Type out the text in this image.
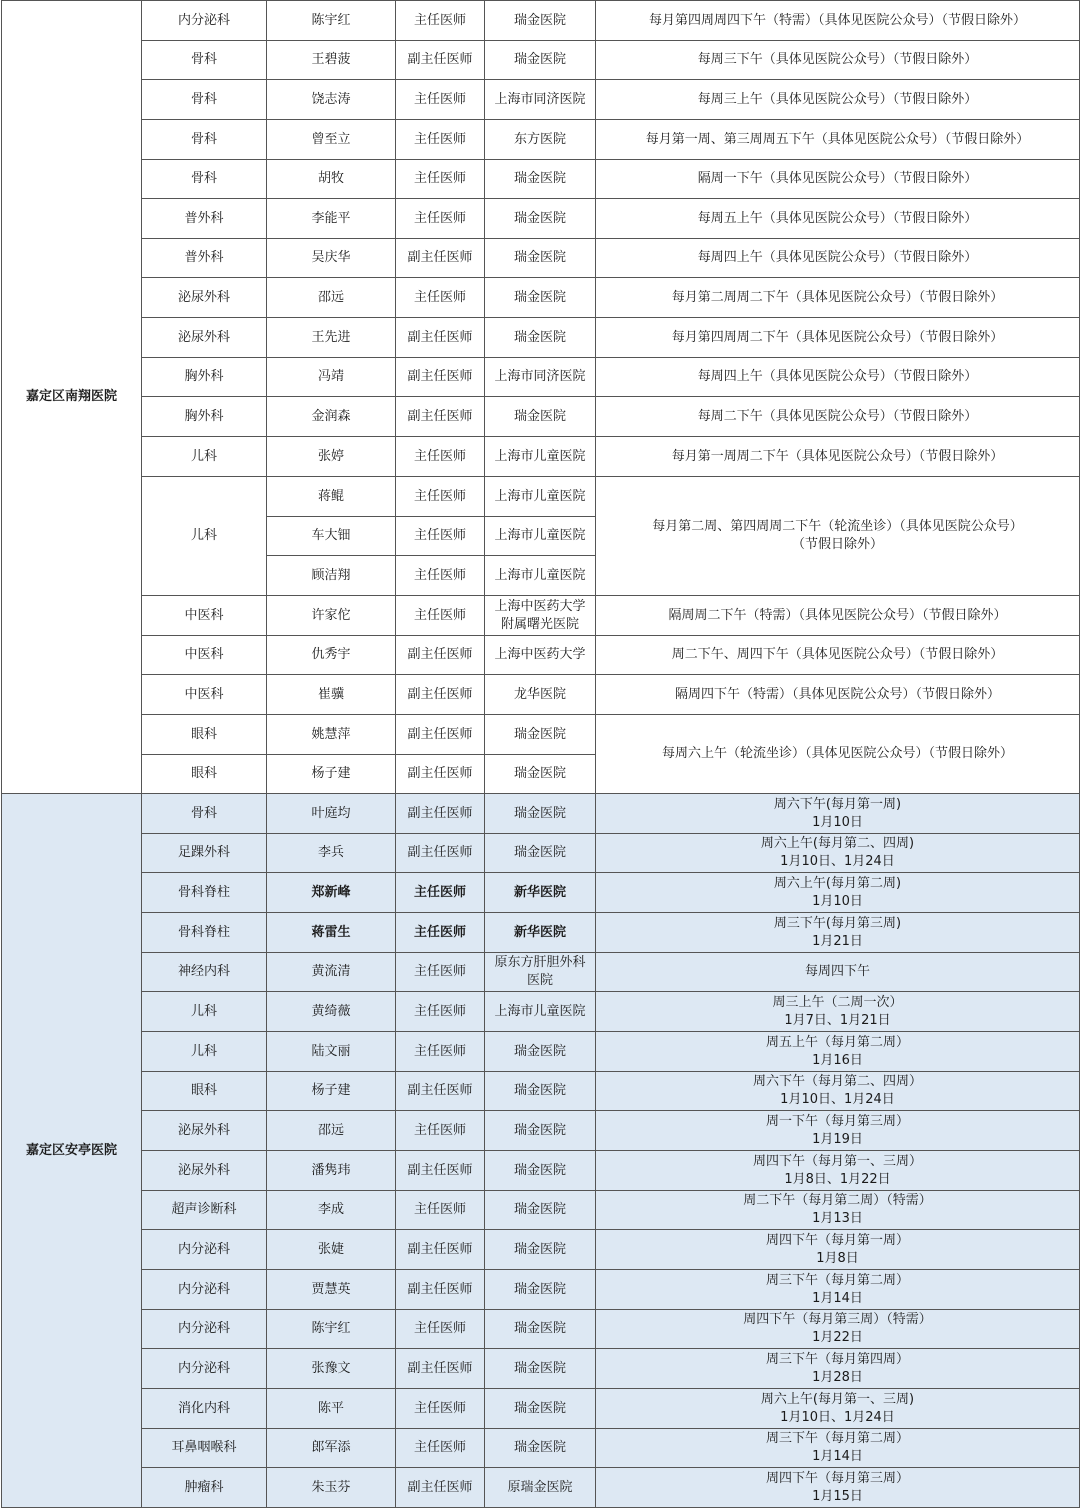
嘉定区南翔医院	内分泌科	陈宇红	主任医师	瑞金医院	每月第四周周四下午（特需）（具体见医院公众号）（节假日除外）
	骨科	王碧菠	副主任医师	瑞金医院	每周三下午（具体见医院公众号）（节假日除外）
	骨科	饶志涛	主任医师	上海市同济医院	每周三上午（具体见医院公众号）（节假日除外）
	骨科	曾至立	主任医师	东方医院	每月第一周、第三周周五下午（具体见医院公众号）（节假日除外）
	骨科	胡牧	主任医师	瑞金医院	隔周一下午（具体见医院公众号）（节假日除外）
	普外科	李能平	主任医师	瑞金医院	每周五上午（具体见医院公众号）（节假日除外）
	普外科	吴庆华	副主任医师	瑞金医院	每周四上午（具体见医院公众号）（节假日除外）
	泌尿外科	邵远	主任医师	瑞金医院	每月第二周周二下午（具体见医院公众号）（节假日除外）
	泌尿外科	王先进	副主任医师	瑞金医院	每月第四周周二下午（具体见医院公众号）（节假日除外）
	胸外科	冯靖	副主任医师	上海市同济医院	每周四上午（具体见医院公众号）（节假日除外）
	胸外科	金润森	副主任医师	瑞金医院	每周二下午（具体见医院公众号）（节假日除外）
	儿科	张婷	主任医师	上海市儿童医院	每月第一周周二下午（具体见医院公众号）（节假日除外）
	儿科	蒋鲲	主任医师	上海市儿童医院	每月第二周、第四周周二下午（轮流坐诊）（具体见医院公众号）
（节假日除外）
		车大钿	主任医师	上海市儿童医院	
		顾洁翔	主任医师	上海市儿童医院	
	中医科	许家佗	主任医师	上海中医药大学
附属曙光医院	隔周周二下午（特需）（具体见医院公众号）（节假日除外）
	中医科	仇秀宇	副主任医师	上海中医药大学	周二下午、周四下午（具体见医院公众号）（节假日除外）
	中医科	崔骥	副主任医师	龙华医院	隔周四下午（特需）（具体见医院公众号）（节假日除外）
	眼科	姚慧萍	副主任医师	瑞金医院	每周六上午（轮流坐诊）（具体见医院公众号）（节假日除外）
	眼科	杨子建	副主任医师	瑞金医院	
嘉定区安亭医院	骨科	叶庭均	副主任医师	瑞金医院	周六下午(每月第一周)
1月10日
	足踝外科	李兵	副主任医师	瑞金医院	周六上午(每月第二、四周)
1月10日、1月24日
	骨科脊柱	郑新峰	主任医师	新华医院	周六上午(每月第二周)
1月10日
	骨科脊柱	蒋雷生	主任医师	新华医院	周三下午(每月第三周)
1月21日
	神经内科	黄流清	主任医师	原东方肝胆外科
医院	每周四下午
	儿科	黄绮薇	主任医师	上海市儿童医院	周三上午（二周一次）
1月7日、1月21日
	儿科	陆文丽	主任医师	瑞金医院	周五上午（每月第二周）
1月16日
	眼科	杨子建	副主任医师	瑞金医院	周六下午（每月第二、四周）
1月10日、1月24日
	泌尿外科	邵远	主任医师	瑞金医院	周一下午（每月第三周）
1月19日
	泌尿外科	潘隽玮	副主任医师	瑞金医院	周四下午（每月第一、三周）
1月8日、1月22日
	超声诊断科	李成	主任医师	瑞金医院	周二下午（每月第二周）（特需）
1月13日
	内分泌科	张婕	副主任医师	瑞金医院	周四下午（每月第一周）
1月8日
	内分泌科	贾慧英	副主任医师	瑞金医院	周三下午（每月第二周）
1月14日
	内分泌科	陈宇红	主任医师	瑞金医院	周四下午（每月第三周）（特需）
1月22日
	内分泌科	张豫文	副主任医师	瑞金医院	周三下午（每月第四周）
1月28日
	消化内科	陈平	主任医师	瑞金医院	周六上午(每月第一、三周)
1月10日、1月24日
	耳鼻咽喉科	郎军添	主任医师	瑞金医院	周三下午（每月第二周）
1月14日
	肿瘤科	朱玉芬	副主任医师	原瑞金医院	周四下午（每月第三周）
1月15日
